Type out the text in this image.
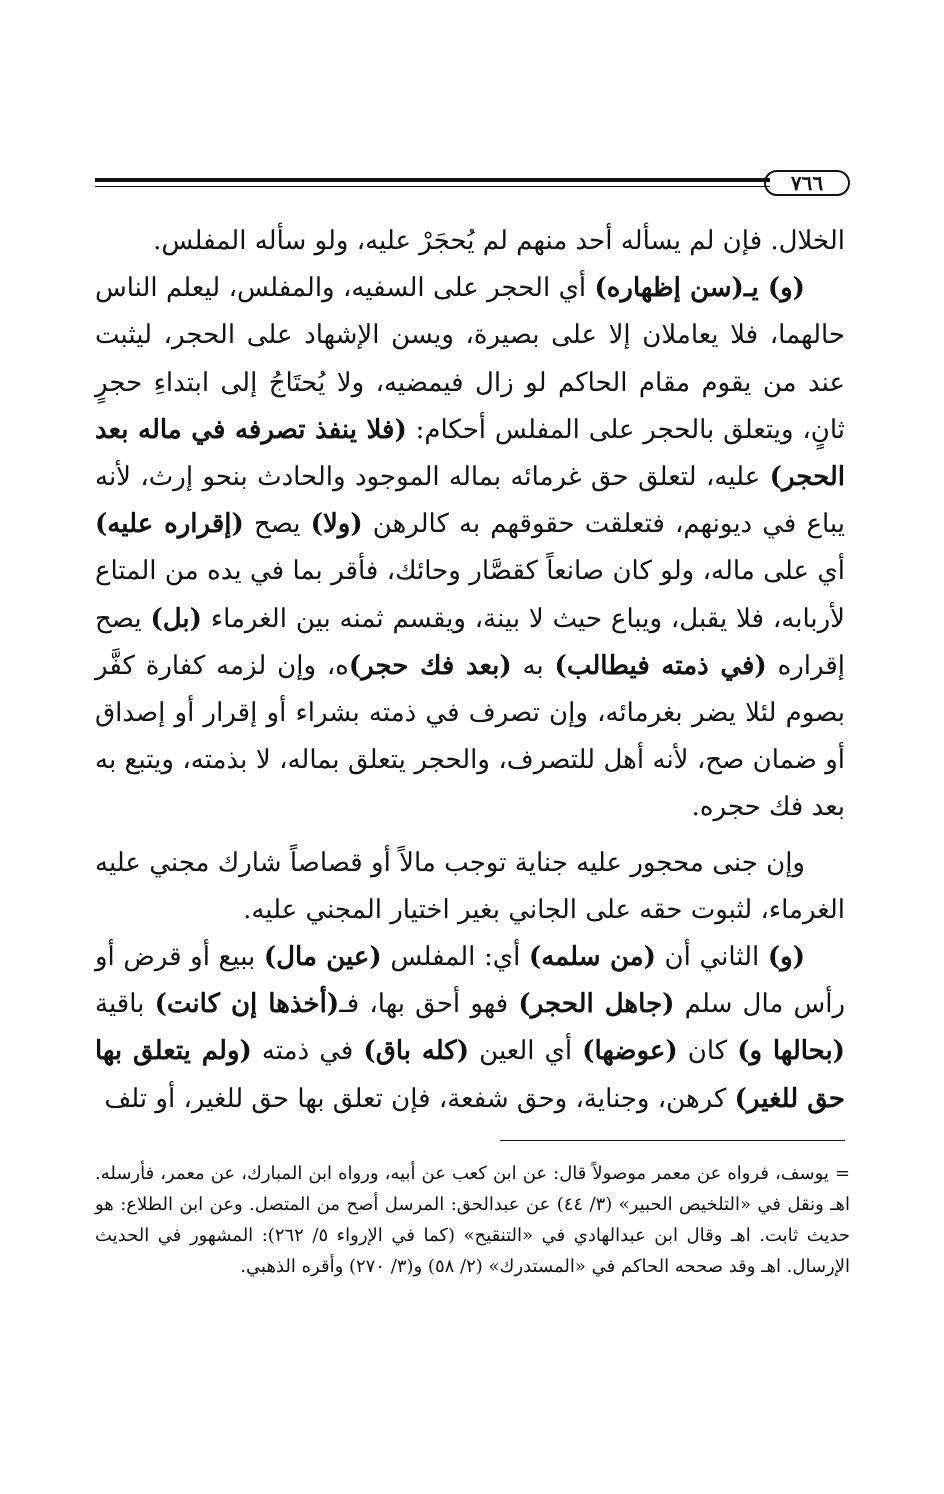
٧٦٦

الخلال. فإن لم يسأله أحد منهم لم يُحجَرْ عليه، ولو سأله المفلس.

(و) يـ(سن إظهاره) أي الحجر على السفيه، والمفلس، ليعلم الناس حالهما، فلا يعاملان إلا على بصيرة، ويسن الإشهاد على الحجر، ليثبت عند من يقوم مقام الحاكم لو زال فيمضيه، ولا يُحتَاجُ إلى ابتداءِ حجرٍ ثانٍ، ويتعلق بالحجر على المفلس أحكام: (فلا ينفذ تصرفه في ماله بعد الحجر) عليه، لتعلق حق غرمائه بماله الموجود والحادث بنحو إرث، لأنه يباع في ديونهم، فتعلقت حقوقهم به كالرهن (ولا) يصح (إقراره عليه) أي على ماله، ولو كان صانعاً كقصَّار وحائك، فأقر بما في يده من المتاع لأربابه، فلا يقبل، ويباع حيث لا بينة، ويقسم ثمنه بين الغرماء (بل) يصح إقراره (في ذمته فيطالب) به (بعد فك حجر)ه، وإن لزمه كفارة كفَّر بصوم لئلا يضر بغرمائه، وإن تصرف في ذمته بشراء أو إقرار أو إصداق أو ضمان صح، لأنه أهل للتصرف، والحجر يتعلق بماله، لا بذمته، ويتبع به بعد فك حجره.

وإن جنى محجور عليه جناية توجب مالاً أو قصاصاً شارك مجني عليه الغرماء، لثبوت حقه على الجاني بغير اختيار المجني عليه.

(و) الثاني أن (من سلمه) أي: المفلس (عين مال) ببيع أو قرض أو رأس مال سلم (جاهل الحجر) فهو أحق بها، فـ(أخذها إن كانت) باقية (بحالها و) كان (عوضها) أي العين (كله باق) في ذمته (ولم يتعلق بها حق للغير) كرهن، وجناية، وحق شفعة، فإن تعلق بها حق للغير، أو تلف

= يوسف، فرواه عن معمر موصولاً قال: عن ابن كعب عن أبيه، ورواه ابن المبارك، عن معمر، فأرسله. اهـ ونقل في «التلخيص الحبير» (٣/ ٤٤) عن عبدالحق: المرسل أصح من المتصل. وعن ابن الطلاع: هو حديث ثابت. اهـ وقال ابن عبدالهادي في «التنقيح» (كما في الإرواء ٥/ ٢٦٢): المشهور في الحديث الإرسال. اهـ وقد صححه الحاكم في «المستدرك» (٢/ ٥٨) و(٣/ ٢٧٠) وأقره الذهبي.
